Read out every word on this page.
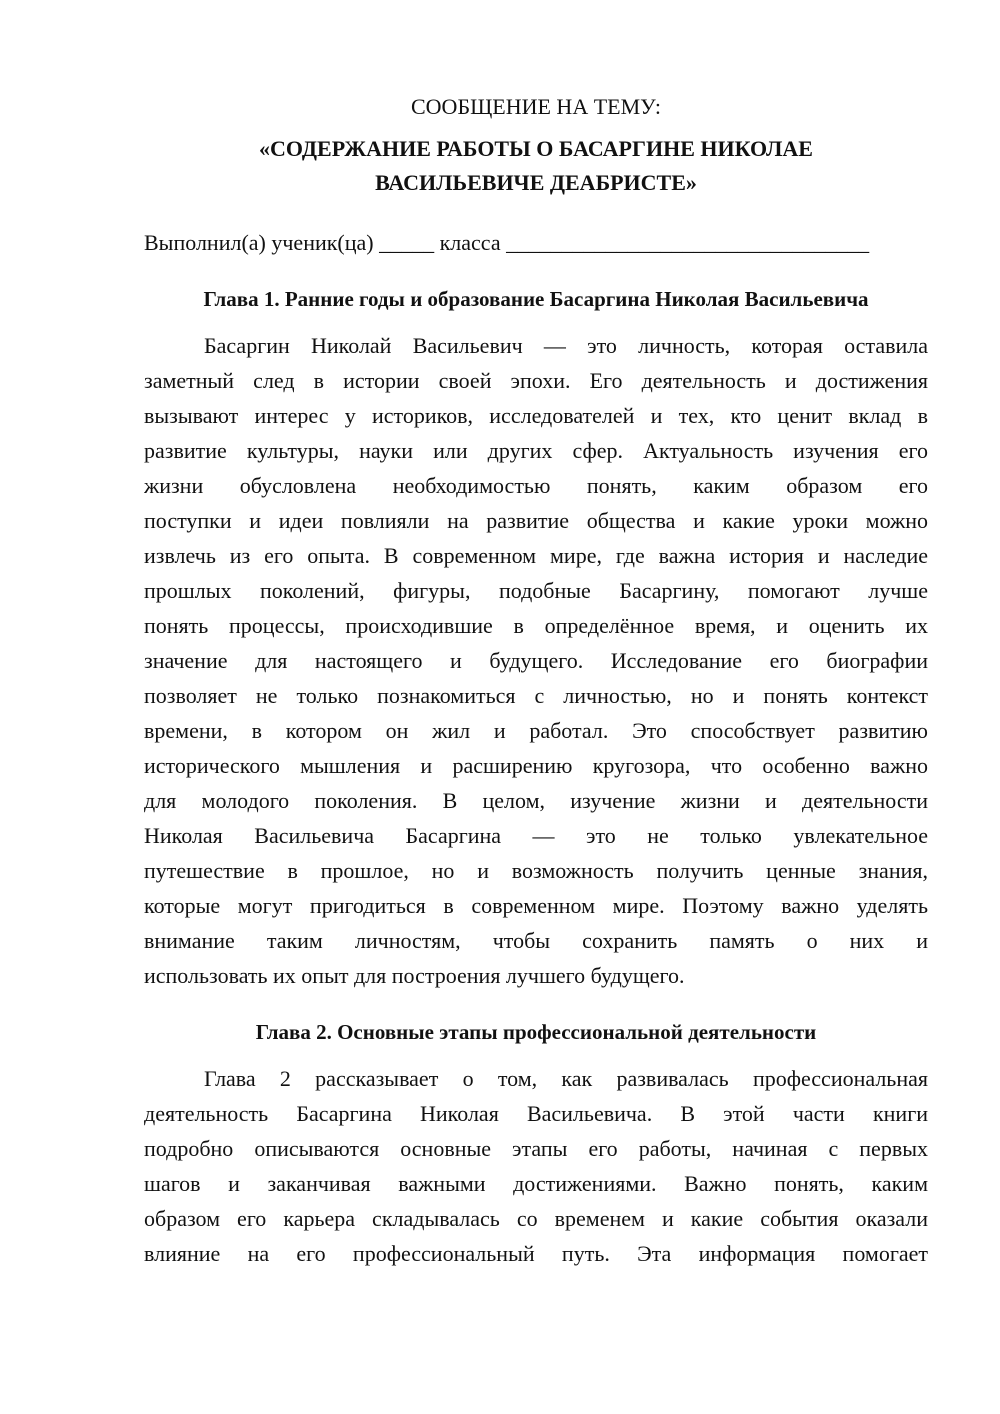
СООБЩЕНИЕ НА ТЕМУ:

«СОДЕРЖАНИЕ РАБОТЫ О БАСАРГИНЕ НИКОЛАЕ
ВАСИЛЬЕВИЧЕ ДЕАБРИСТЕ»
Выполнил(а) ученик(ца) _____ класса _________________________________
Глава 1. Ранние годы и образование Басаргина Николая Васильевича
Басаргин Николай Васильевич — это личность, которая оставила
заметный след в истории своей эпохи. Его деятельность и достижения
вызывают интерес у историков, исследователей и тех, кто ценит вклад в
развитие культуры, науки или других сфер. Актуальность изучения его
жизни обусловлена необходимостью понять, каким образом его
поступки и идеи повлияли на развитие общества и какие уроки можно
извлечь из его опыта. В современном мире, где важна история и наследие
прошлых поколений, фигуры, подобные Басаргину, помогают лучше
понять процессы, происходившие в определённое время, и оценить их
значение для настоящего и будущего. Исследование его биографии
позволяет не только познакомиться с личностью, но и понять контекст
времени, в котором он жил и работал. Это способствует развитию
исторического мышления и расширению кругозора, что особенно важно
для молодого поколения. В целом, изучение жизни и деятельности
Николая Васильевича Басаргина — это не только увлекательное
путешествие в прошлое, но и возможность получить ценные знания,
которые могут пригодиться в современном мире. Поэтому важно уделять
внимание таким личностям, чтобы сохранить память о них и
использовать их опыт для построения лучшего будущего.
Глава 2. Основные этапы профессиональной деятельности
Глава 2 рассказывает о том, как развивалась профессиональная
деятельность Басаргина Николая Васильевича. В этой части книги
подробно описываются основные этапы его работы, начиная с первых
шагов и заканчивая важными достижениями. Важно понять, каким
образом его карьера складывалась со временем и какие события оказали
влияние на его профессиональный путь. Эта информация помогает
